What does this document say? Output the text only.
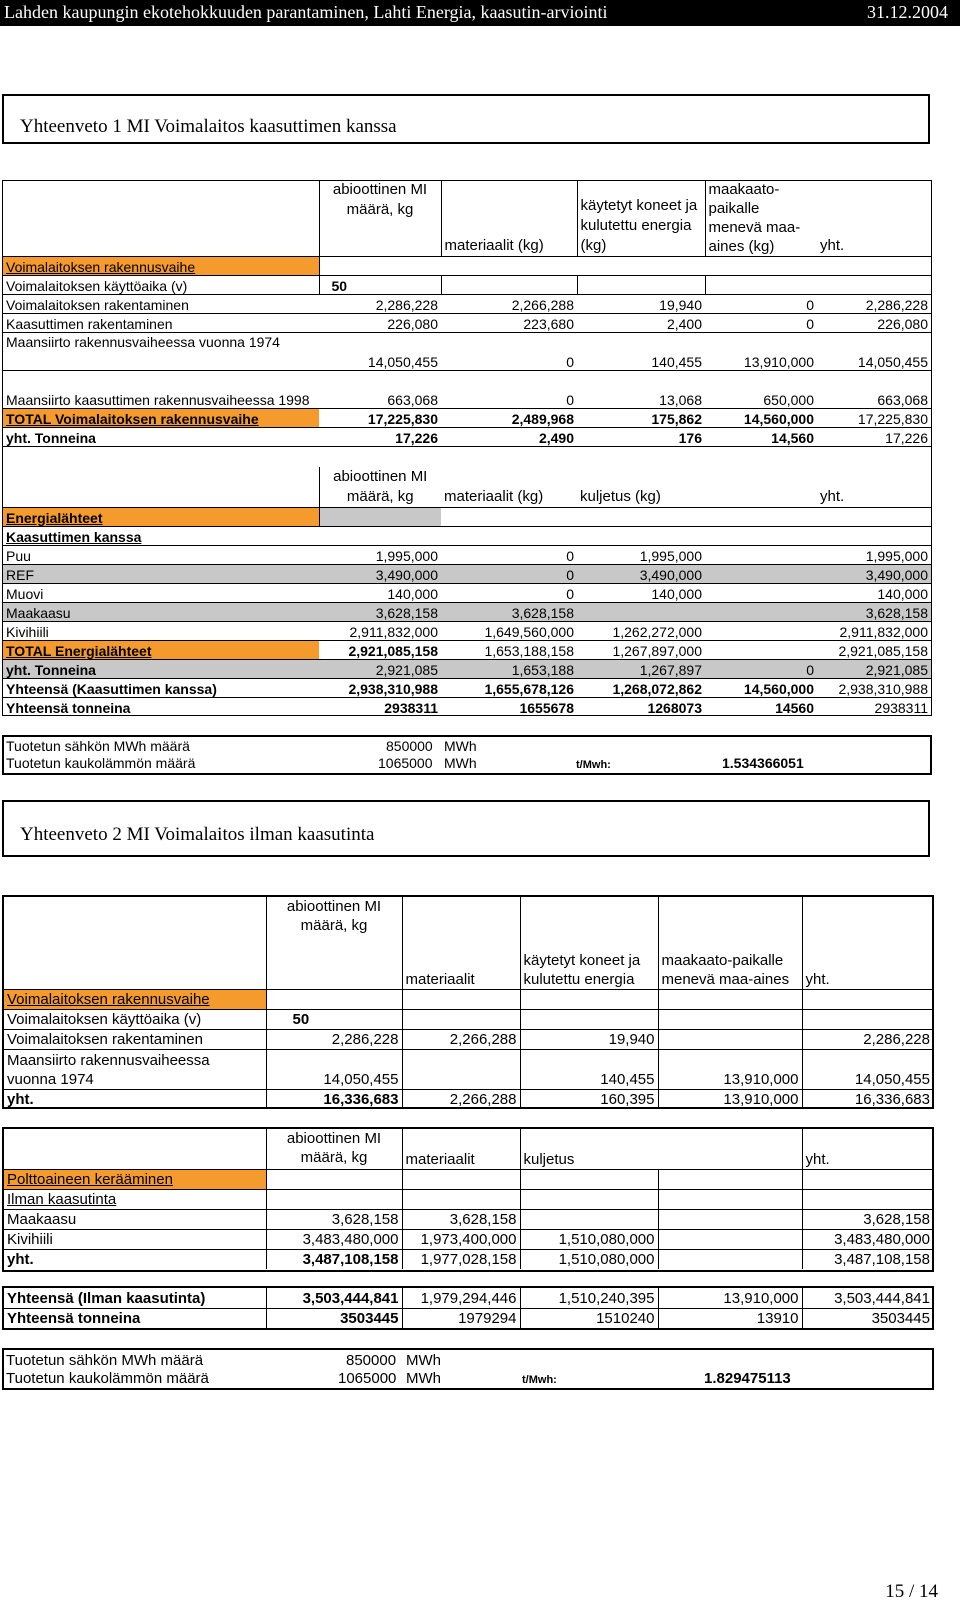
Lahden kaupungin ekotehokkuuden parantaminen, Lahti Energia, kaasutin-arviointi	31.12.2004
Yhteenveto 1 MI Voimalaitos kaasuttimen kanssa
	abioottinen MI määrä, kg	materiaalit (kg)	käytetyt koneet ja kulutettu energia (kg)	maakaato-paikalle menevä maa-aines (kg)	yht.
Voimalaitoksen rakennusvaihe					
Voimalaitoksen käyttöaika (v)	50				
Voimalaitoksen rakentaminen	2,286,228	2,266,288	19,940	0	2,286,228
Kaasuttimen rakentaminen	226,080	223,680	2,400	0	226,080
Maansiirto rakennusvaiheessa vuonna 1974	14,050,455	0	140,455	13,910,000	14,050,455
Maansiirto kaasuttimen rakennusvaiheessa 1998	663,068	0	13,068	650,000	663,068
TOTAL Voimalaitoksen rakennusvaihe	17,225,830	2,489,968	175,862	14,560,000	17,225,830
yht. Tonneina	17,226	2,490	176	14,560	17,226

	abioottinen MI määrä, kg	materiaalit (kg)	kuljetus (kg)		yht.
Energialähteet					
Kaasuttimen kanssa					
Puu	1,995,000	0	1,995,000		1,995,000
REF	3,490,000	0	3,490,000		3,490,000
Muovi	140,000	0	140,000		140,000
Maakaasu	3,628,158	3,628,158			3,628,158
Kivihiili	2,911,832,000	1,649,560,000	1,262,272,000		2,911,832,000
TOTAL Energialähteet	2,921,085,158	1,653,188,158	1,267,897,000		2,921,085,158
yht. Tonneina	2,921,085	1,653,188	1,267,897	0	2,921,085
Yhteensä (Kaasuttimen kanssa)	2,938,310,988	1,655,678,126	1,268,072,862	14,560,000	2,938,310,988
Yhteensä tonneina	2938311	1655678	1268073	14560	2938311
Tuotetun sähkön MWh määrä	850000 MWh
Tuotetun kaukolämmön määrä	1065000 MWh	t/Mwh:	1.534366051
Yhteenveto 2 MI Voimalaitos ilman kaasutinta
	abioottinen MI määrä, kg	materiaalit	käytetyt koneet ja kulutettu energia	maakaato-paikalle menevä maa-aines	yht.
Voimalaitoksen rakennusvaihe					
Voimalaitoksen käyttöaika (v)	50				
Voimalaitoksen rakentaminen	2,286,228	2,266,288	19,940		2,286,228
Maansiirto rakennusvaiheessa vuonna 1974	14,050,455		140,455	13,910,000	14,050,455
yht.	16,336,683	2,266,288	160,395	13,910,000	16,336,683
	abioottinen MI määrä, kg	materiaalit	kuljetus		yht.
Polttoaineen kerääminen					
Ilman kaasutinta					
Maakaasu	3,628,158	3,628,158			3,628,158
Kivihiili	3,483,480,000	1,973,400,000	1,510,080,000		3,483,480,000
yht.	3,487,108,158	1,977,028,158	1,510,080,000		3,487,108,158
Yhteensä (Ilman kaasutinta)	3,503,444,841	1,979,294,446	1,510,240,395	13,910,000	3,503,444,841
Yhteensä tonneina	3503445	1979294	1510240	13910	3503445
Tuotetun sähkön MWh määrä	850000 MWh
Tuotetun kaukolämmön määrä	1065000 MWh	t/Mwh:	1.829475113
15 / 14
